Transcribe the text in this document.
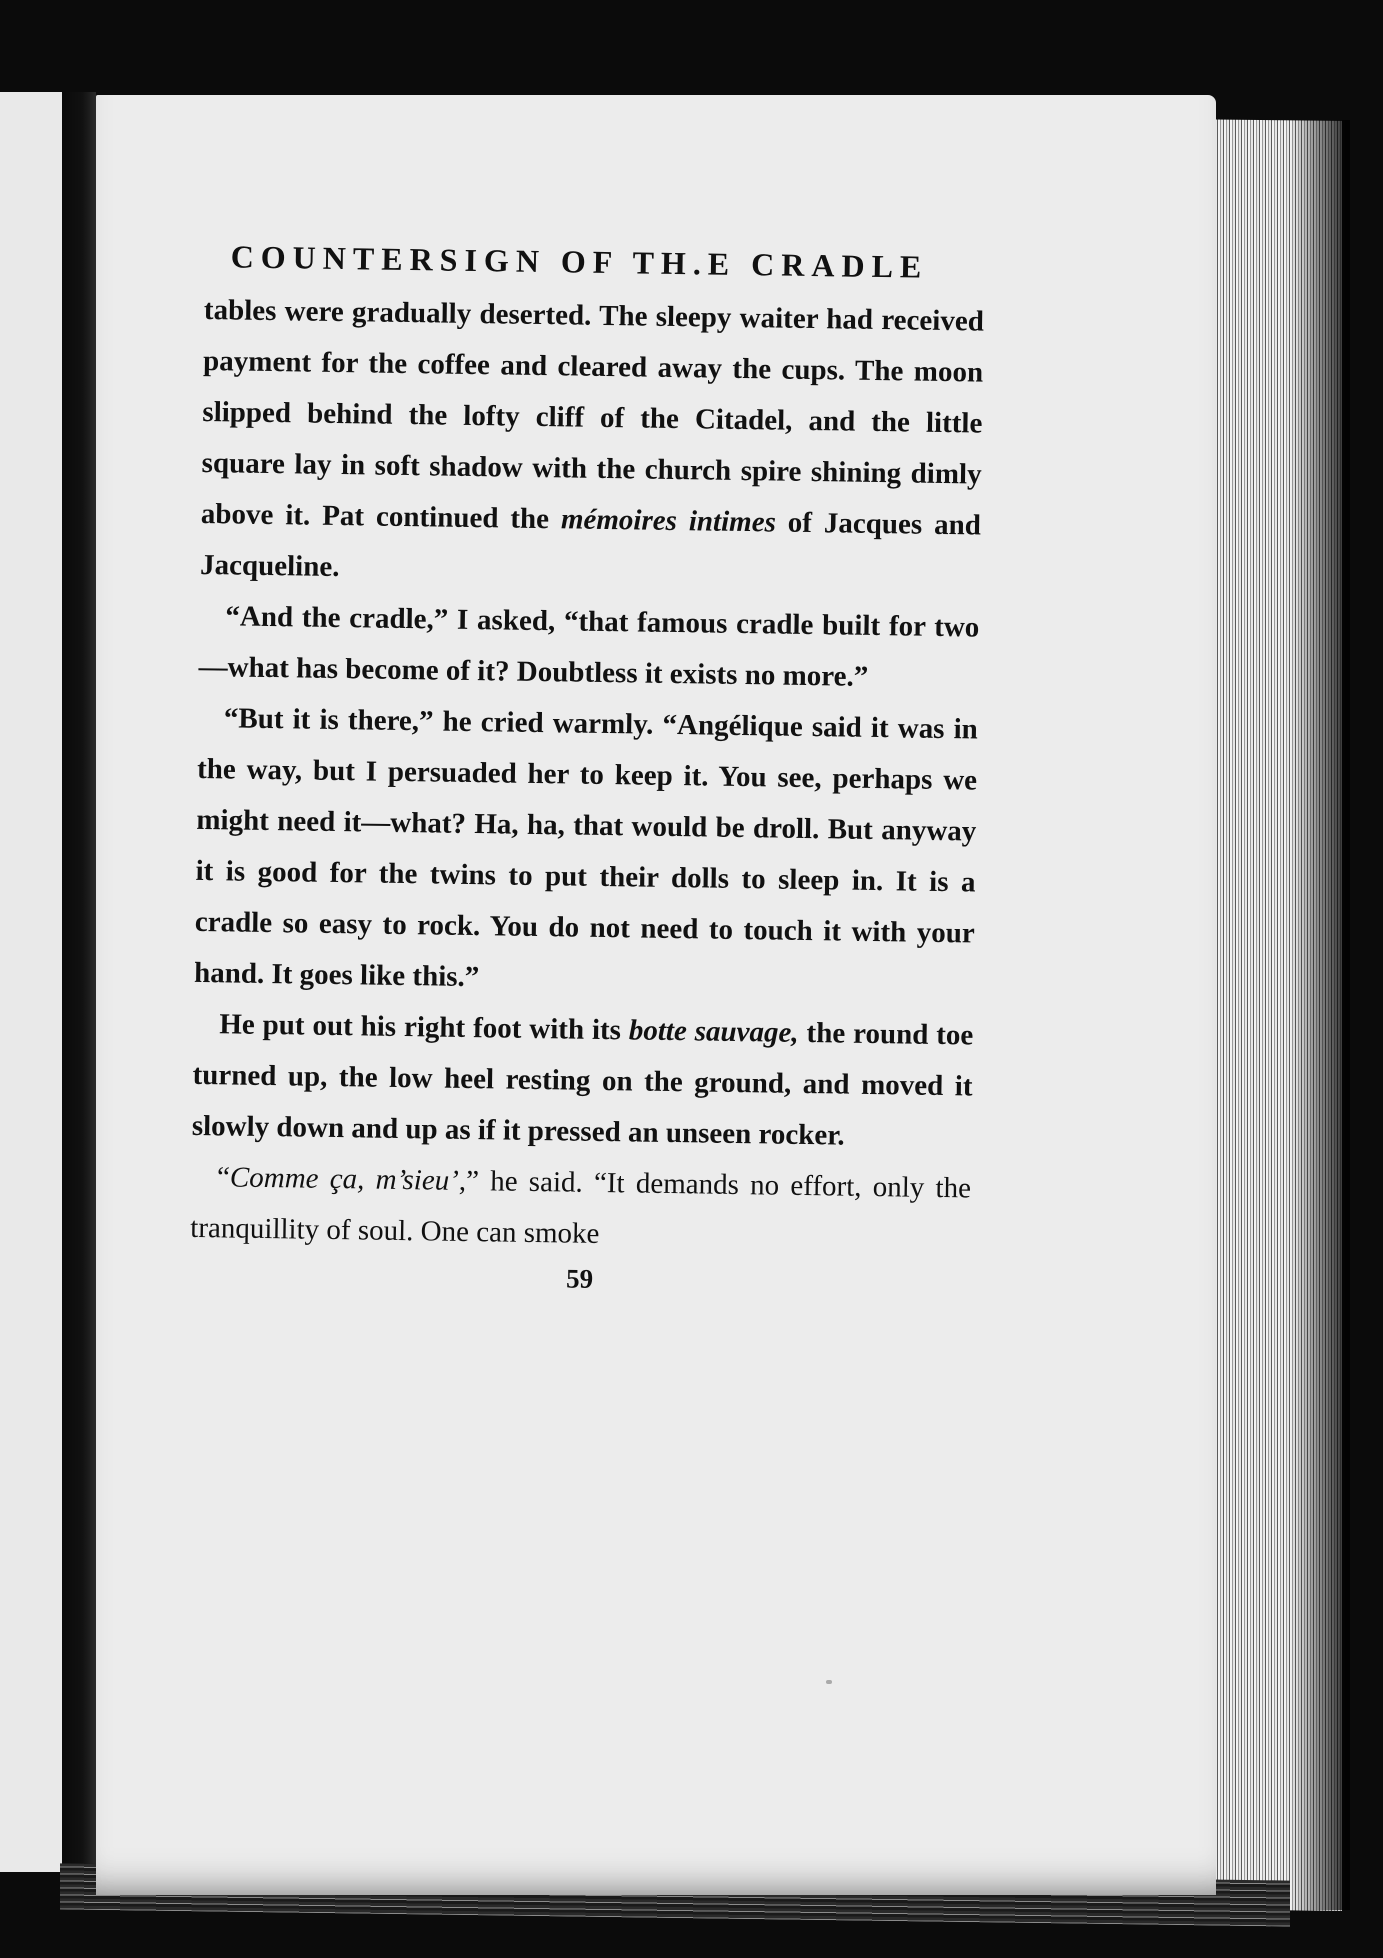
COUNTERSIGN OF TH.E CRADLE

tables were gradually deserted. The sleepy waiter had received payment for the coffee and cleared away the cups. The moon slipped behind the lofty cliff of the Citadel, and the little square lay in soft shadow with the church spire shining dimly above it. Pat continued the mémoires intimes of Jacques and Jacqueline.

“And the cradle,” I asked, “that famous cradle built for two—what has become of it? Doubtless it exists no more.”

“But it is there,” he cried warmly. “Angélique said it was in the way, but I persuaded her to keep it. You see, perhaps we might need it—what? Ha, ha, that would be droll. But anyway it is good for the twins to put their dolls to sleep in. It is a cradle so easy to rock. You do not need to touch it with your hand. It goes like this.”

He put out his right foot with its botte sauvage, the round toe turned up, the low heel resting on the ground, and moved it slowly down and up as if it pressed an unseen rocker.

“Comme ça, m’sieu’,” he said. “It demands no effort, only the tranquillity of soul. One can smoke

59
